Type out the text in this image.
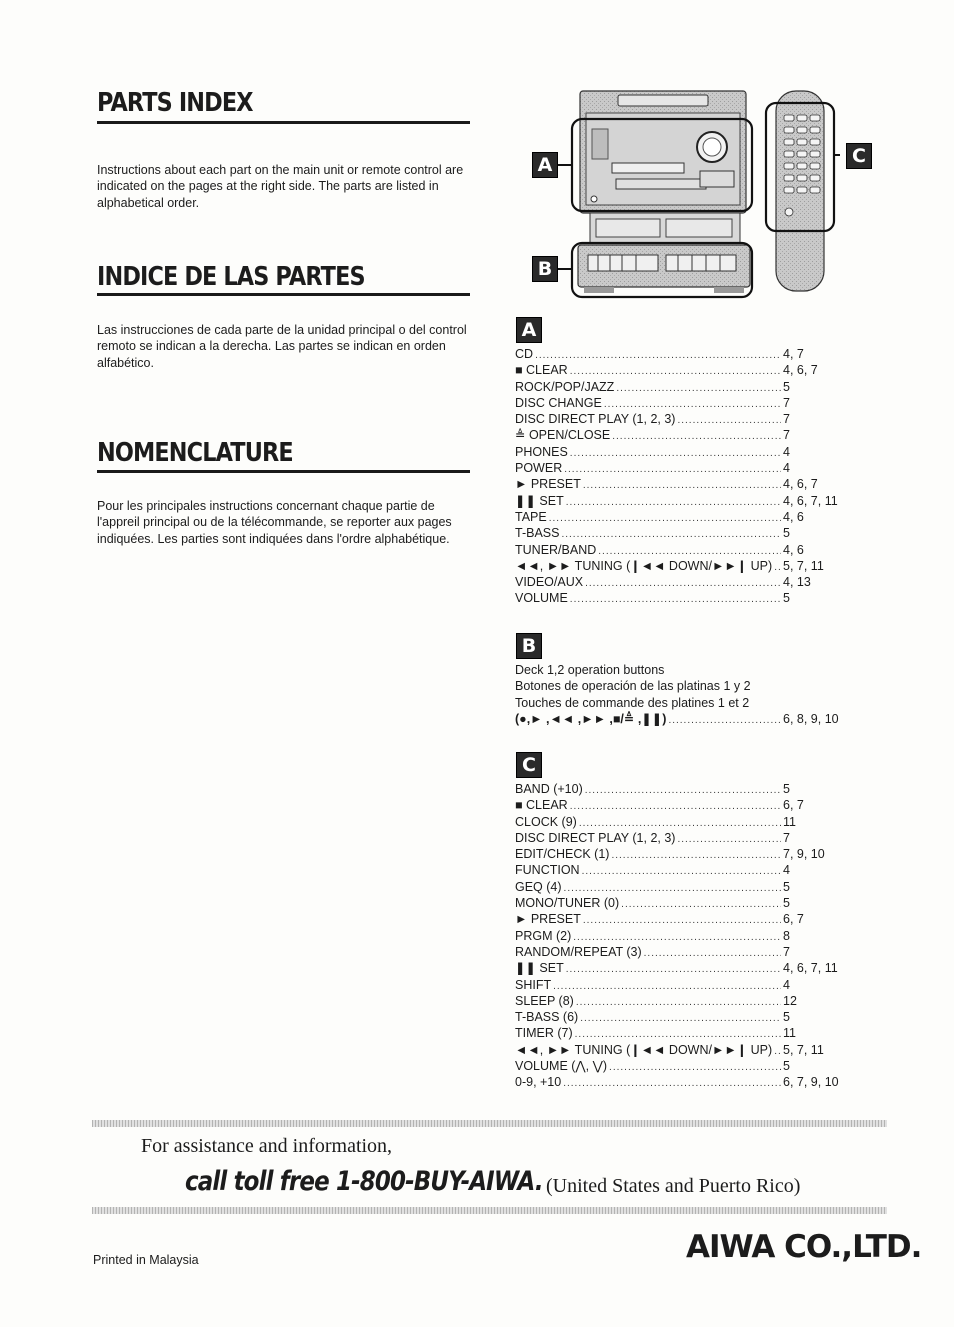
PARTS INDEX

Instructions about each part on the main unit or remote control are indicated on the pages at the right side. The parts are listed in alphabetical order.

INDICE DE LAS PARTES

Las instrucciones de cada parte de la unidad principal o del control remoto se indican a la derecha. Las partes se indican en orden alfabético.

NOMENCLATURE

Pour les principales instructions concernant chaque partie de l'appreil principal ou de la télécommande, se reporter aux pages indiquées. Les parties sont indiquées dans l'ordre alphabétique.

A
B
C
A
CD .....	4, 7
■ CLEAR .....	4, 6, 7
ROCK/POP/JAZZ .....	5
DISC CHANGE .....	7
DISC DIRECT PLAY (1, 2, 3) .....	7
≜ OPEN/CLOSE .....	7
PHONES .....	4
POWER .....	4
► PRESET .....	4, 6, 7
❚❚ SET .....	4, 6, 7, 11
TAPE .....	4, 6
T-BASS .....	5
TUNER/BAND .....	4, 6
◄◄, ►► TUNING (❙◄◄ DOWN/►►❙ UP) ..... 5, 7, 11
VIDEO/AUX .....	4, 13
VOLUME .....	5
B
Deck 1,2 operation buttons
Botones de operación de las platinas 1 y 2
Touches de commande des platines 1 et 2
(●,► ,◄◄ ,►► ,■/≜ ,❚❚) .....	6, 8, 9, 10
C
BAND (+10) .....	5
■ CLEAR .....	6, 7
CLOCK (9) .....	11
DISC DIRECT PLAY (1, 2, 3) .....	7
EDIT/CHECK (1) .....	7, 9, 10
FUNCTION .....	4
GEQ (4) .....	5
MONO/TUNER (0) .....	5
► PRESET .....	6, 7
PRGM (2) .....	8
RANDOM/REPEAT (3) .....	7
❚❚ SET .....	4, 6, 7, 11
SHIFT .....	4
SLEEP (8) .....	12
T-BASS (6) .....	5
TIMER (7) .....	11
◄◄, ►► TUNING (❙◄◄ DOWN/►►❙ UP) ..... 5, 7, 11
VOLUME (⋀, ⋁) .....	5
0-9, +10 .....	6, 7, 9, 10
For assistance and information,
call toll free 1-800-BUY-AIWA. (United States and Puerto Rico)
Printed in Malaysia	AIWA CO.,LTD.
